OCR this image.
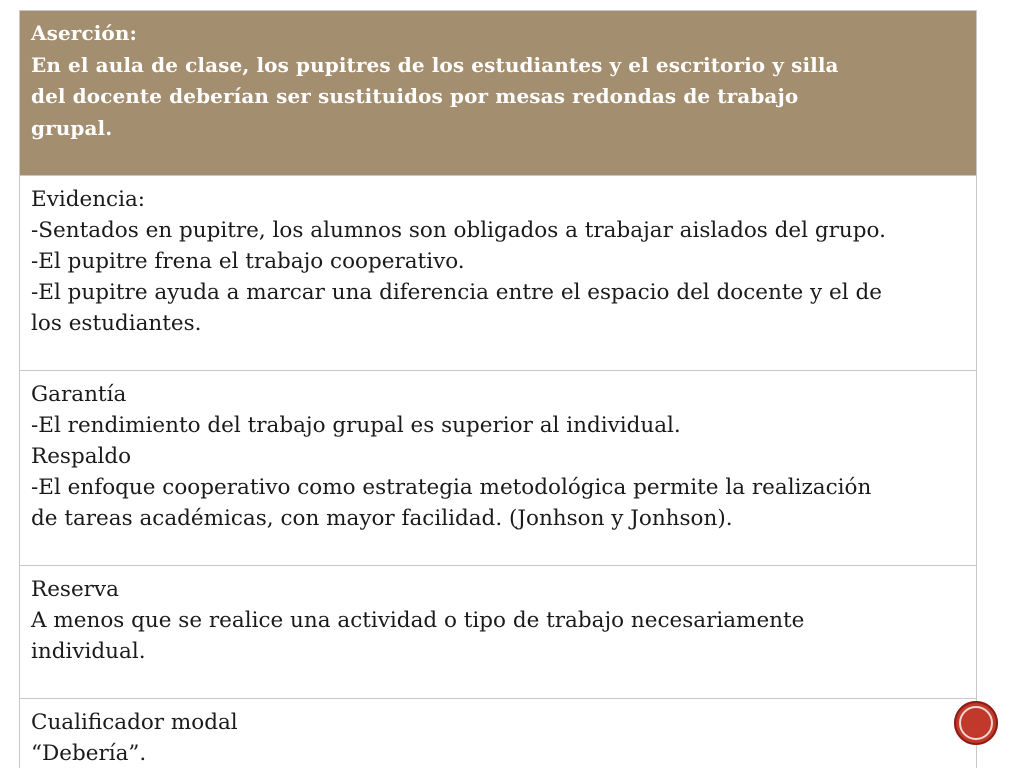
Aserción:
En el aula de clase, los pupitres de los estudiantes y el escritorio y silla
del docente deberían ser sustituidos por mesas redondas de trabajo
grupal.
Evidencia:
-Sentados en pupitre, los alumnos son obligados a trabajar aislados del grupo.
-El pupitre frena el trabajo cooperativo.
-El pupitre ayuda a marcar una diferencia entre el espacio del docente y el de
los estudiantes.
Garantía
-El rendimiento del trabajo grupal es superior al individual.
Respaldo
-El enfoque cooperativo como estrategia metodológica permite la realización
de tareas académicas, con mayor facilidad. (Jonhson y Jonhson).
Reserva
A menos que se realice una actividad o tipo de trabajo necesariamente
individual.
Cualificador modal
“Debería”.
